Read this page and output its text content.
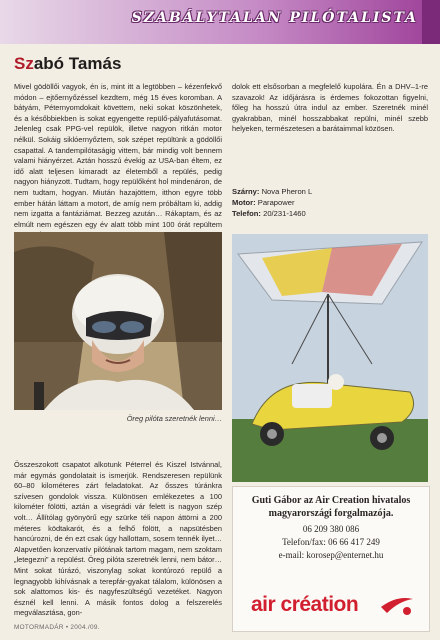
SZABÁLYTALAN PILÓTALISTA
Szabó Tamás

Mivel gödöllői vagyok, én is, mint itt a legtöbben – kézenfekvő módon – ejtőernyőzéssel kezdtem, még 15 éves koromban. A bátyám, Péternyomdokait követtem, neki sokat köszönhetek, és a későbbiekben is sokat egyengette repülő-pályafutásomat. Jelenleg csak PPG-vel repülök, illetve nagyon ritkán motor nélkül. Sokáig siklóernyőztem, sok szépet repültünk a gödöllői csapattal. A tandempilótaságig vittem, bár mindig volt bennem valami hiányérzet. Aztán hosszú évekig az USA-ban éltem, ez idő alatt teljesen kimaradt az életemből a repülés, pedig nagyon hiányzott. Tudtam, hogy repülőként hol mindenáron, de nem tudtam, hogyan. Miután hazajöttem, itthon egyre több ember hátán láttam a motort, de amíg nem próbáltam ki, addig nem izgatta a fantáziámat. Bezzeg azután… Rákaptam, és az elmúlt nem egészen egy év alatt több mint 100 órát repültem

dolok ett elsősorban a megfelelő kupolára. Én a DHV–1-re szavazok! Az időjárásra is érdemes fokozottan figyelni, főleg ha hosszú útra indul az ember. Szeretnék minél gyakrabban, minél hosszabbakat repülni, minél szebb helyeken, természetesen a barátaimmal közösen.

Szárny: Nova Pheron L
Motor: Parapower
Telefon: 20/231-1460
Öreg pilóta szeretnék lenni…

Összeszokott csapatot alkotunk Péterrel és Kiszel Istvánnal, már egymás gondolatait is ismerjük. Rendszeresen repülünk 60–80 kilométeres zárt feladatokat. Az ősszes túránkra szívesen gondolok vissza. Különösen emlékezetes a 100 kilométer fölötti, aztán a visegrádi vár felett is nagyon szép volt… Állítólag gyönyörű egy szürke téli napon áttörni a 200 méteres ködtakarót, és a felhő fölött, a napsütésben hancúrozni, de én ezt csak úgy hallottam, sosem tennék ilyet… Alapvetően konzervatív pilótának tartom magam, nem szoktam „letegezni” a repülést. Öreg pilóta szeretnék lenni, nem bátor… Mint sokat túrázó, viszonylag sokat kontúrozó repülő a legnagyobb kihívásnak a terepfár-gyakat tálalom, különösen a sok alattomos kis- és nagyfeszültségű vezetéket. Nagyon észnél kell lenni. A másik fontos dolog a felszerelés megválasztása, gon-

Guti Gábor az Air Creation hivatalos
magyarországi forgalmazója.
06 209 380 086
Telefon/fax: 06 66 417 249
e-mail: korosep@enternet.hu
air création
MOTORMADÁR • 2004./09.
